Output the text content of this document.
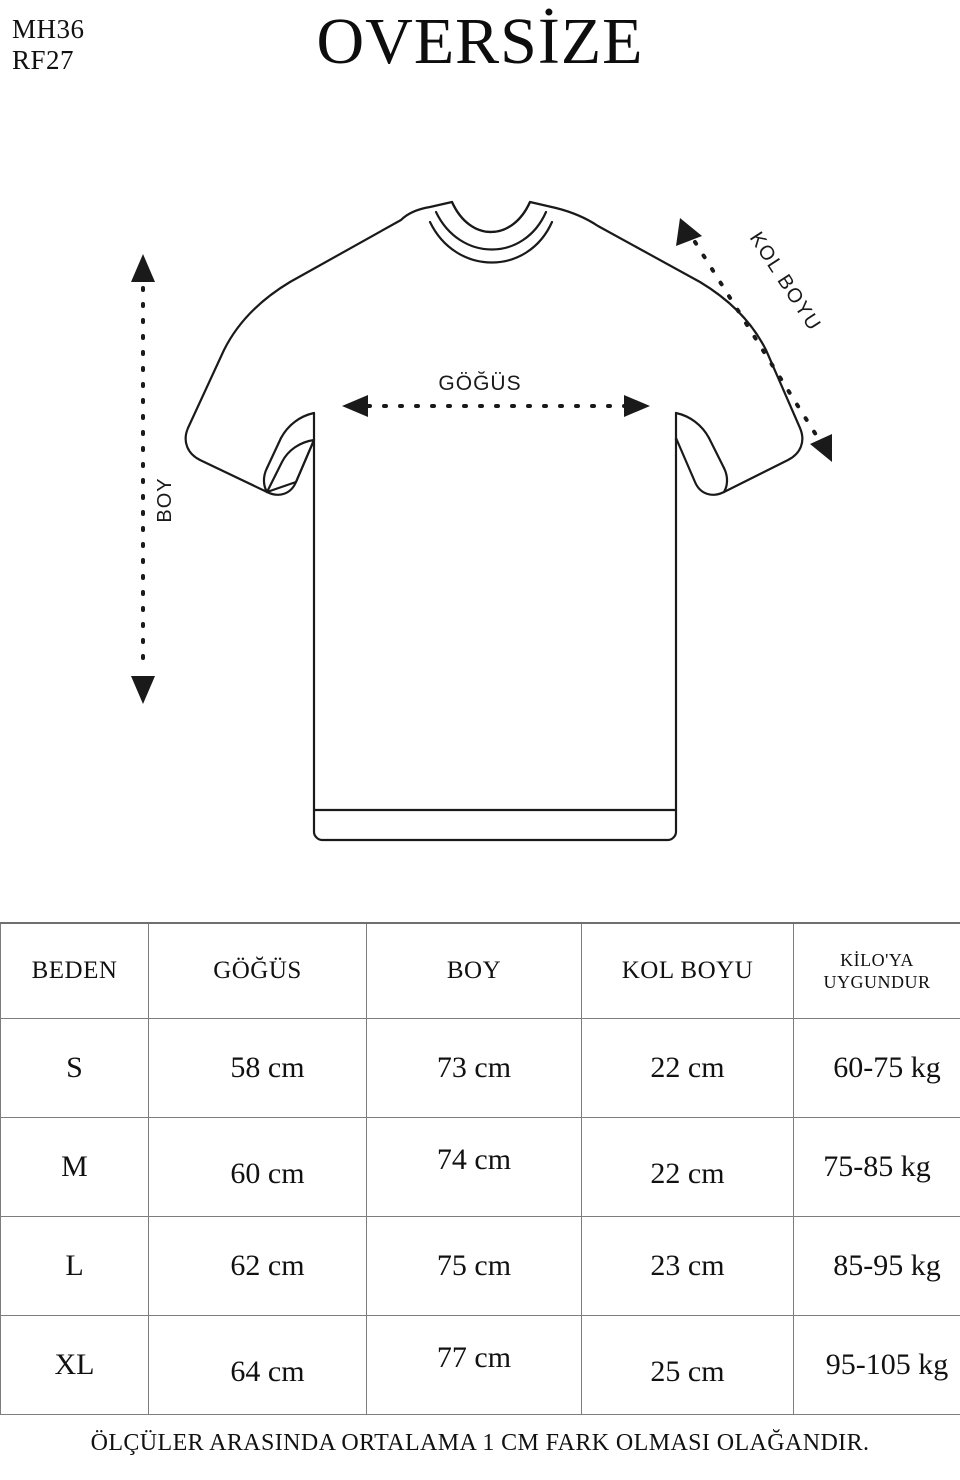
MH36
RF27	OVERSİZE
GÖĞÜS
BOY
KOL BOYU
BEDEN	GÖĞÜS	BOY	KOL BOYU	KİLO'YA
UYGUNDUR
S	58 cm	73 cm	22 cm	60-75 kg
M	60 cm	74 cm	22 cm	75-85 kg
L	62 cm	75 cm	23 cm	85-95 kg
XL	64 cm	77 cm	25 cm	95-105 kg
ÖLÇÜLER ARASINDA ORTALAMA 1 CM FARK OLMASI OLAĞANDIR.
